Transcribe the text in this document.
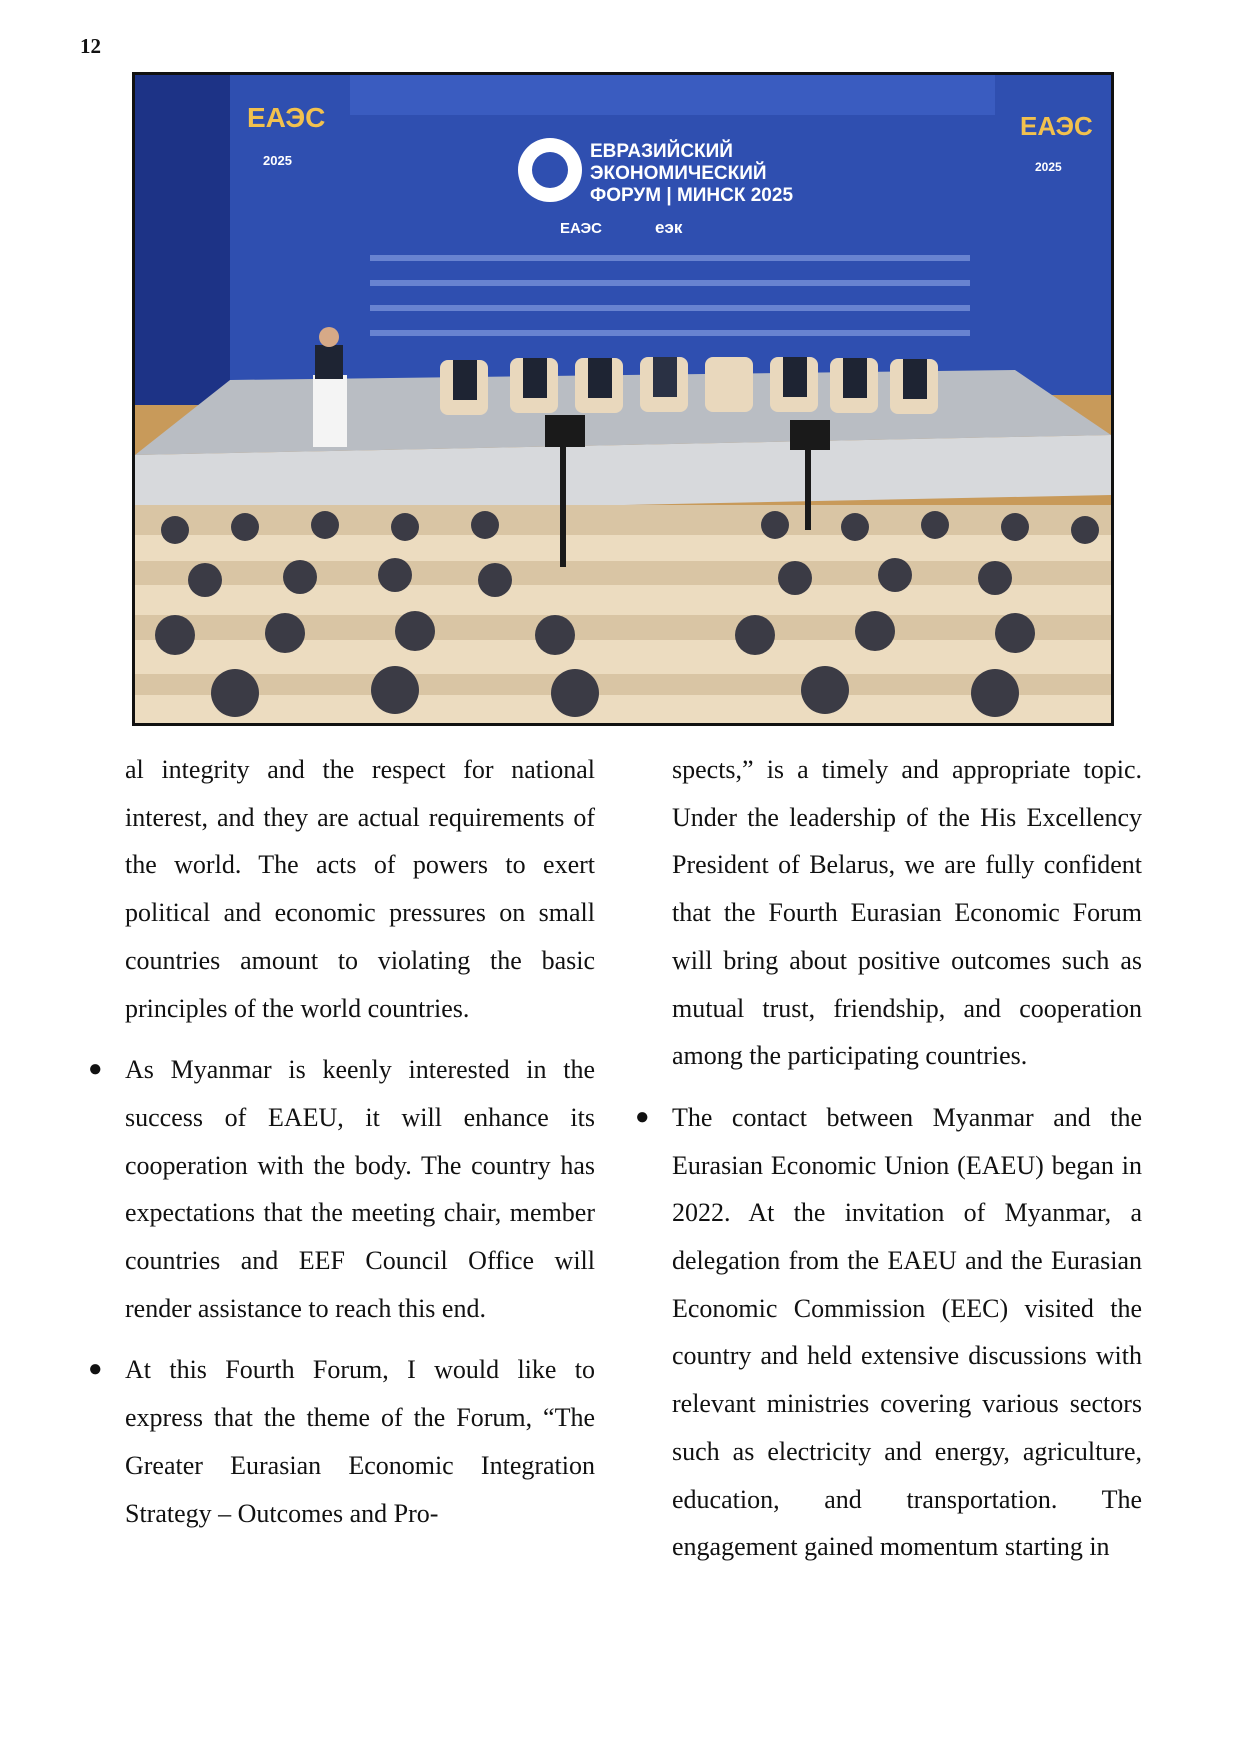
12
ЕВРАЗИЙСКИЙ
ЭКОНОМИЧЕСКИЙ
ФОРУМ | МИНСК 2025
ЕАЭС	еэк
ЕАЭС
2025
ЕАЭС
2025

al integrity and the respect for national interest, and they are actual requirements of the world. The acts of powers to exert political and economic pressures on small countries amount to violating the basic principles of the world countries.

● As Myanmar is keenly interested in the success of EAEU, it will enhance its cooperation with the body. The country has expectations that the meeting chair, member countries and EEF Council Office will render assistance to reach this end.
● At this Fourth Forum, I would like to express that the theme of the Forum, “The Greater Eurasian Economic Integration Strategy – Outcomes and Pro-

spects,” is a timely and appropriate topic. Under the leadership of the His Excellency President of Belarus, we are fully confident that the Fourth Eurasian Economic Forum will bring about positive outcomes such as mutual trust, friendship, and cooperation among the participating countries.

● The contact between Myanmar and the Eurasian Economic Union (EAEU) began in 2022. At the invitation of Myanmar, a delegation from the EAEU and the Eurasian Economic Commission (EEC) visited the country and held extensive discussions with relevant ministries covering various sectors such as electricity and energy, agriculture, education, and transportation. The engagement gained momentum starting in
